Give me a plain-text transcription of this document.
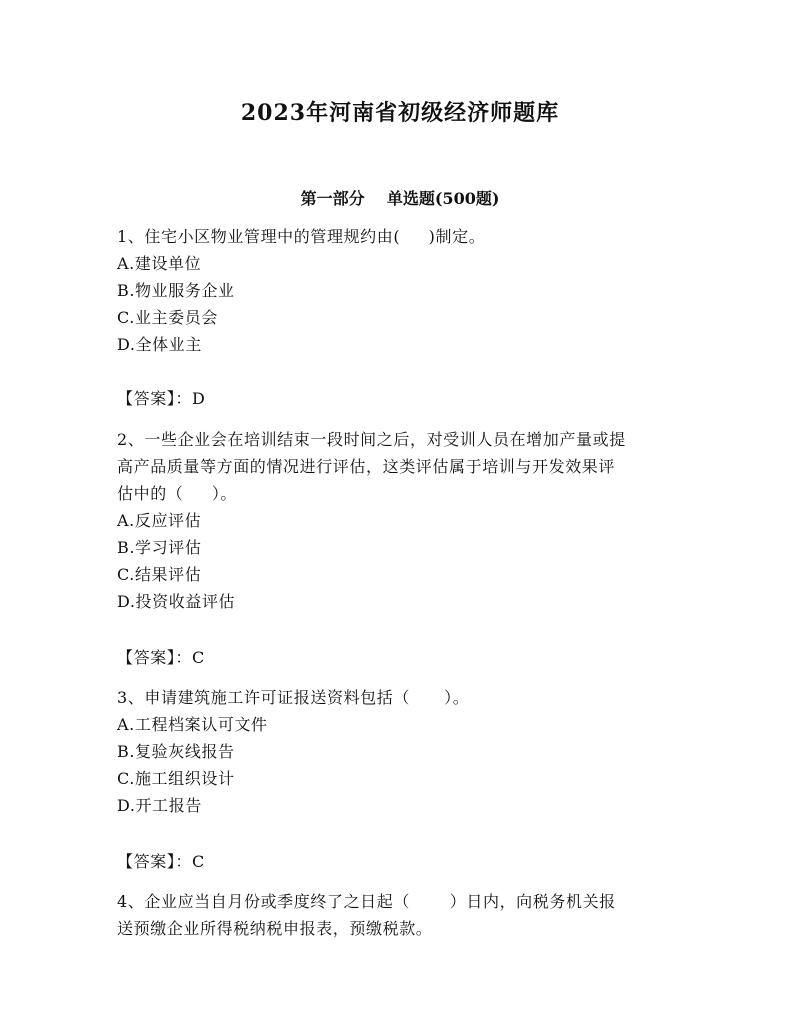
2023年河南省初级经济师题库
第一部分    单选题(500题)
1、住宅小区物业管理中的管理规约由(     )制定。
A.建设单位
B.物业服务企业
C.业主委员会
D.全体业主
【答案】：D
2、一些企业会在培训结束一段时间之后，对受训人员在增加产量或提
高产品质量等方面的情况进行评估，这类评估属于培训与开发效果评
估中的（     ）。
A.反应评估
B.学习评估
C.结果评估
D.投资收益评估
【答案】：C
3、申请建筑施工许可证报送资料包括（      ）。
A.工程档案认可文件
B.复验灰线报告
C.施工组织设计
D.开工报告
【答案】：C
4、企业应当自月份或季度终了之日起（       ）日内，向税务机关报
送预缴企业所得税纳税申报表，预缴税款。
